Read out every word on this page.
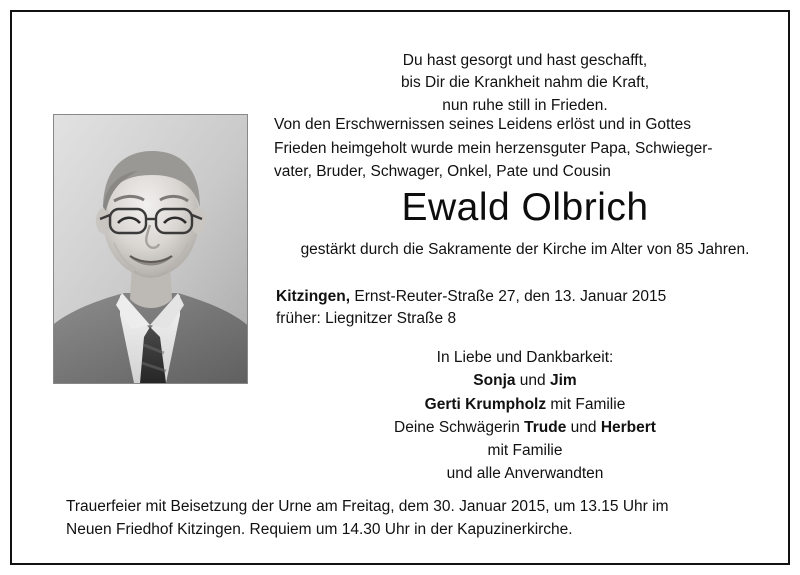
Du hast gesorgt und hast geschafft,
bis Dir die Krankheit nahm die Kraft,
nun ruhe still in Frieden.
Von den Erschwernissen seines Leidens erlöst und in Gottes
Frieden heimgeholt wurde mein herzensguter Papa, Schwieger-
vater, Bruder, Schwager, Onkel, Pate und Cousin
Ewald Olbrich
gestärkt durch die Sakramente der Kirche im Alter von 85 Jahren.
Kitzingen, Ernst-Reuter-Straße 27, den 13. Januar 2015
früher: Liegnitzer Straße 8
In Liebe und Dankbarkeit:
Sonja und Jim
Gerti Krumpholz mit Familie
Deine Schwägerin Trude und Herbert
mit Familie
und alle Anverwandten
Trauerfeier mit Beisetzung der Urne am Freitag, dem 30. Januar 2015, um 13.15 Uhr im
Neuen Friedhof Kitzingen. Requiem um 14.30 Uhr in der Kapuzinerkirche.
